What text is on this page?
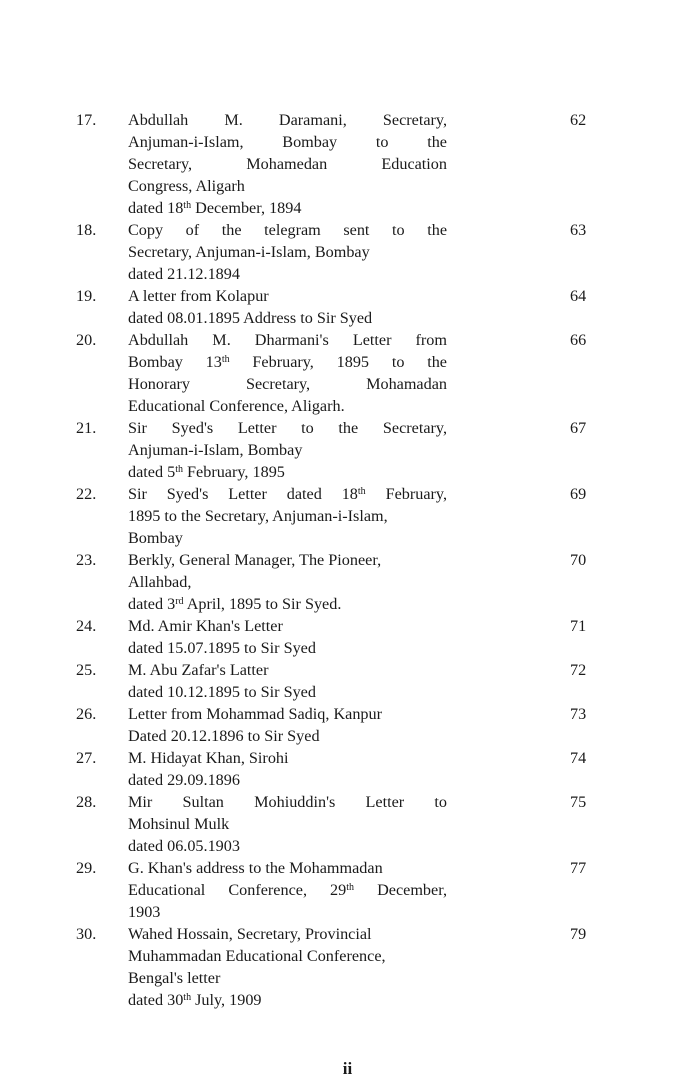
17.	Abdullah M. Daramani, Secretary,
Anjuman-i-Islam, Bombay to the
Secretary, Mohamedan Education
Congress, Aligarh
dated 18th December, 1894
62
18.	Copy of the telegram sent to the
Secretary, Anjuman-i-Islam, Bombay
dated 21.12.1894
63
19.	A letter from Kolapur
dated 08.01.1895 Address to Sir Syed
64
20.	Abdullah M. Dharmani's Letter from
Bombay 13th February, 1895 to the
Honorary Secretary, Mohamadan
Educational Conference, Aligarh.
66
21.	Sir Syed's Letter to the Secretary,
Anjuman-i-Islam, Bombay
dated 5th February, 1895
67
22.	Sir Syed's Letter dated 18th February,
1895 to the Secretary, Anjuman-i-Islam,
Bombay
69
23.	Berkly, General Manager, The Pioneer,
Allahbad,
dated 3rd April, 1895 to Sir Syed.
70
24.	Md. Amir Khan's Letter
dated 15.07.1895 to Sir Syed
71
25.	M. Abu Zafar's Latter
dated 10.12.1895 to Sir Syed
72
26.	Letter from Mohammad Sadiq, Kanpur
Dated 20.12.1896 to Sir Syed
73
27.	M. Hidayat Khan, Sirohi
dated 29.09.1896
74
28.	Mir Sultan Mohiuddin's Letter to
Mohsinul Mulk
dated 06.05.1903
75
29.	G. Khan's address to the Mohammadan
Educational Conference, 29th December,
1903
77
30.	Wahed Hossain, Secretary, Provincial
Muhammadan Educational Conference,
Bengal's letter
dated 30th July, 1909
79
ii
